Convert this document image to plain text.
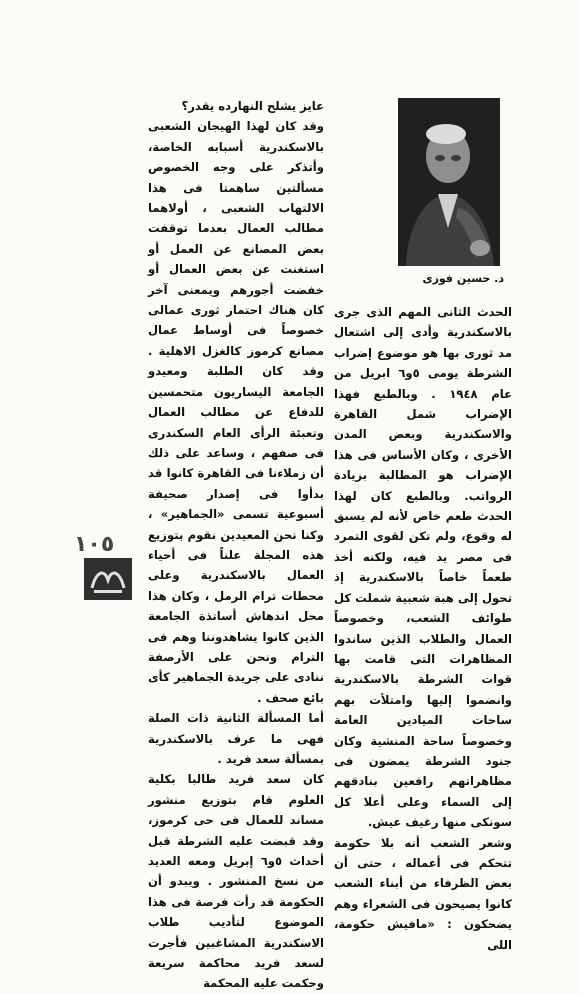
د. حسين فوزى

الحدث الثانى المهم الذى جرى بالاسكندرية وأدى إلى اشتعال مد ثورى بها هو موضوع إضراب الشرطة يومى ٥و٦ ابريل من عام ١٩٤٨ . وبالطبع فهذا الإضراب شمل القاهرة والاسكندرية وبعض المدن الأخرى ، وكان الأساس فى هذا الإضراب هو المطالبة بزيادة الرواتب. وبالطبع كان لهذا الحدث طعم خاص لأنه لم يسبق له وقوع، ولم تكن لقوى التمرد فى مصر يد فيه، ولكنه أخذ طعماً خاصاً بالاسكندرية إذ تحول إلى هبة شعبية شملت كل طوائف الشعب، وخصوصاً العمال والطلاب الذين ساندوا المظاهرات التى قامت بها قوات الشرطة بالاسكندرية وانضموا إليها وامتلأت بهم ساحات الميادين العامة وخصوصاً ساحة المنشية وكان جنود الشرطة يمضون فى مظاهراتهم رافعين بنادقهم إلى السماء وعلى أعلا كل سونكى منها رغيف عيش.

وشعر الشعب أنه بلا حكومة تتحكم فى أعماله ، حتى أن بعض الظرفاء من أبناء الشعب كانوا يصيحون فى الشعراء وهم يضحكون : «مافيش حكومة، اللى

عايز يشلح النهارده يقدر؟

وقد كان لهذا الهيجان الشعبى بالاسكندرية أسبابه الخاصة، وأتذكر على وجه الخصوص مسألتين ساهمتا فى هذا الالتهاب الشعبى ، أولاهما مطالب العمال بعدما توقفت بعض المصانع عن العمل أو استغنت عن بعض العمال أو خفضت أجورهم ويمعنى آخر كان هناك احتمار ثورى عمالى خصوصاً فى أوساط عمال مصانع كرموز كالغزل الاهلية . وقد كان الطلبة ومعيدو الجامعة اليساريون متحمسين للدفاع عن مطالب العمال وتعبئة الرأى العام السكندرى فى صفهم ، وساعد على ذلك أن زملاءنا فى القاهرة كانوا قد بدأوا فى إصدار صحيفة أسبوعية تسمى «الجماهير» ، وكنا نحن المعيدين نقوم بتوزيع هذه المجلة علناً فى أحياء العمال بالاسكندرية وعلى محطات ترام الرمل ، وكان هذا محل اندهاش أساتذة الجامعة الذين كانوا يشاهدوننا وهم فى الترام ونحن على الأرصفة ننادى على جريدة الجماهير كأى بائع صحف .

أما المسألة الثانية ذات الصلة فهى ما عرف بالاسكندرية بمسألة سعد فريد .

كان سعد فريد طالبا بكلية العلوم قام بتوزيع منشور مساند للعمال فى حى كرموز، وقد قبضت عليه الشرطة قبل أحداث ٥و٦ إبريل ومعه العديد من نسخ المنشور . ويبدو أن الحكومة قد رأت فرصة فى هذا الموضوع لتأديب طلاب الاسكندرية المشاغبين فأجرت لسعد فريد محاكمة سريعة وحكمت عليه المحكمة

١٠٥
